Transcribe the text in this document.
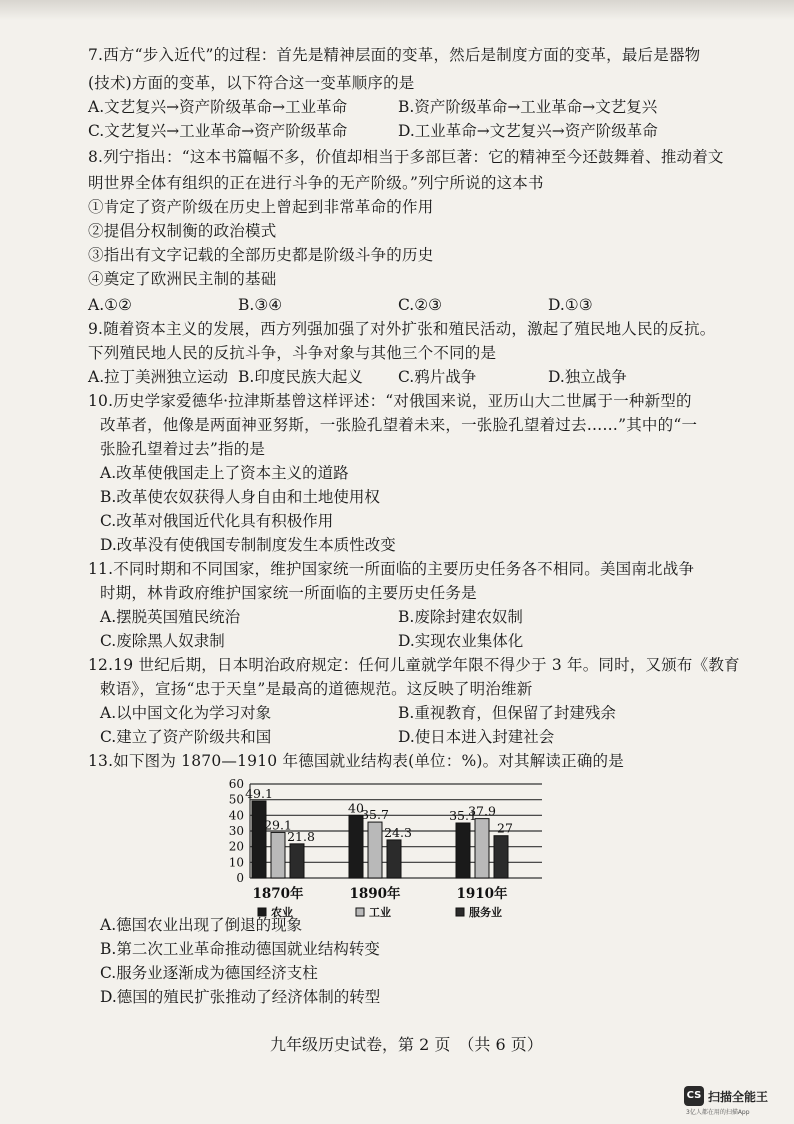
7.西方“步入近代”的过程：首先是精神层面的变革，然后是制度方面的变革，最后是器物
(技术)方面的变革，以下符合这一变革顺序的是
A.文艺复兴→资产阶级革命→工业革命	B.资产阶级革命→工业革命→文艺复兴
C.文艺复兴→工业革命→资产阶级革命	D.工业革命→文艺复兴→资产阶级革命
8.列宁指出：“这本书篇幅不多，价值却相当于多部巨著：它的精神至今还鼓舞着、推动着文
明世界全体有组织的正在进行斗争的无产阶级。”列宁所说的这本书
①肯定了资产阶级在历史上曾起到非常革命的作用
②提倡分权制衡的政治模式
③指出有文字记载的全部历史都是阶级斗争的历史
④奠定了欧洲民主制的基础
A.①②	B.③④	C.②③	D.①③
9.随着资本主义的发展，西方列强加强了对外扩张和殖民活动，激起了殖民地人民的反抗。
下列殖民地人民的反抗斗争，斗争对象与其他三个不同的是
A.拉丁美洲独立运动 B.印度民族大起义 C.鸦片战争	D.独立战争
10.历史学家爱德华·拉津斯基曾这样评述：“对俄国来说，亚历山大二世属于一种新型的
改革者，他像是两面神亚努斯，一张脸孔望着未来，一张脸孔望着过去……”其中的“一
张脸孔望着过去”指的是
A.改革使俄国走上了资本主义的道路
B.改革使农奴获得人身自由和土地使用权
C.改革对俄国近代化具有积极作用
D.改革没有使俄国专制制度发生本质性改变
11.不同时期和不同国家，维护国家统一所面临的主要历史任务各不相同。美国南北战争
时期，林肯政府维护国家统一所面临的主要历史任务是
A.摆脱英国殖民统治	B.废除封建农奴制
C.废除黑人奴隶制	D.实现农业集体化
12.19 世纪后期，日本明治政府规定：任何儿童就学年限不得少于 3 年。同时，又颁布《教育
敕语》，宣扬“忠于天皇”是最高的道德规范。这反映了明治维新
A.以中国文化为学习对象	B.重视教育，但保留了封建残余
C.建立了资产阶级共和国	D.使日本进入封建社会
13.如下图为 1870—1910 年德国就业结构表(单位：%)。对其解读正确的是
0
10
20
30
40
50
60
49.1
29.1
21.8
40
35.7
24.3
35.1
37.9
27
1870年	1890年	1910年
农业	工业	服务业
A.德国农业出现了倒退的现象
B.第二次工业革命推动德国就业结构转变
C.服务业逐渐成为德国经济支柱
D.德国的殖民扩张推动了经济体制的转型
九年级历史试卷，第 2 页　（共 6 页）
CS 扫描全能王
3亿人都在用的扫描App
